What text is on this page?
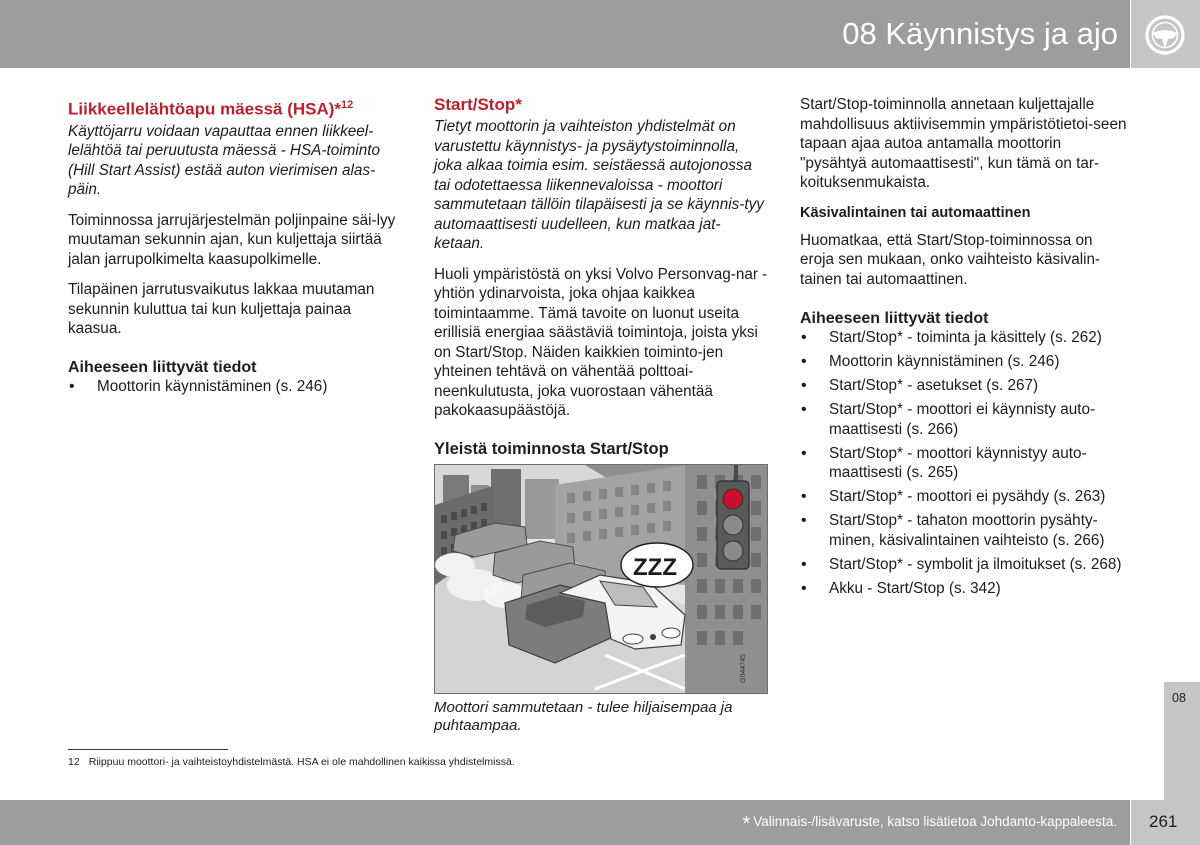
08 Käynnistys ja ajo
Liikkeellelähtöapu mäessä (HSA)*$^{12}$

Käyttöjarru voidaan vapauttaa ennen liikkeel-lelähtöä tai peruutusta mäessä - HSA-toiminto (Hill Start Assist) estää auton vierimisen alas-päin.

Toiminnossa jarrujärjestelmän poljinpaine säi-lyy muutaman sekunnin ajan, kun kuljettaja siirtää jalan jarrupolkimelta kaasupolkimelle.

Tilapäinen jarrutusvaikutus lakkaa muutaman sekunnin kuluttua tai kun kuljettaja painaa kaasua.

Aiheeseen liittyvät tiedot
• Moottorin käynnistäminen (s. 246)
Start/Stop*

Tietyt moottorin ja vaihteiston yhdistelmät on varustettu käynnistys- ja pysäytystoiminnolla, joka alkaa toimia esim. seistäessä autojonossa tai odotettaessa liikennevaloissa - moottori sammutetaan tällöin tilapäisesti ja se käynnis-tyy automaattisesti uudelleen, kun matkaa jat-ketaan.

Huoli ympäristöstä on yksi Volvo Personvag-nar -yhtiön ydinarvoista, joka ohjaa kaikkea toimintaamme. Tämä tavoite on luonut useita erillisiä energiaa säästäviä toimintoja, joista yksi on Start/Stop. Näiden kaikkien toiminto-jen yhteinen tehtävä on vähentää polttoai-neenkulutusta, joka vuorostaan vähentää pakokaasupäästöjä.

Yleistä toiminnosta Start/Stop
ZZZ
G044745
Moottori sammutetaan - tulee hiljaisempaa ja puhtaampaa.

Start/Stop-toiminnolla annetaan kuljettajalle mahdollisuus aktiivisemmin ympäristötietoi-seen tapaan ajaa autoa antamalla moottorin "pysähtyä automaattisesti", kun tämä on tar-koituksenmukaista.

Käsivalintainen tai automaattinen

Huomatkaa, että Start/Stop-toiminnossa on eroja sen mukaan, onko vaihteisto käsivalin-tainen tai automaattinen.

Aiheeseen liittyvät tiedot
• Start/Stop* - toiminta ja käsittely (s. 262)
• Moottorin käynnistäminen (s. 246)
• Start/Stop* - asetukset (s. 267)
• Start/Stop* - moottori ei käynnisty auto-maattisesti (s. 266)
• Start/Stop* - moottori käynnistyy auto-maattisesti (s. 265)
• Start/Stop* - moottori ei pysähdy (s. 263)
• Start/Stop* - tahaton moottorin pysähty-minen, käsivalintainen vaihteisto (s. 266)
• Start/Stop* - symbolit ja ilmoitukset (s. 268)
• Akku - Start/Stop (s. 342)
12 Riippuu moottori- ja vaihteistoyhdistelmästä. HSA ei ole mahdollinen kaikissa yhdistelmissä.
08
* Valinnais-/lisävaruste, katso lisätietoa Johdanto-kappaleesta. 261
